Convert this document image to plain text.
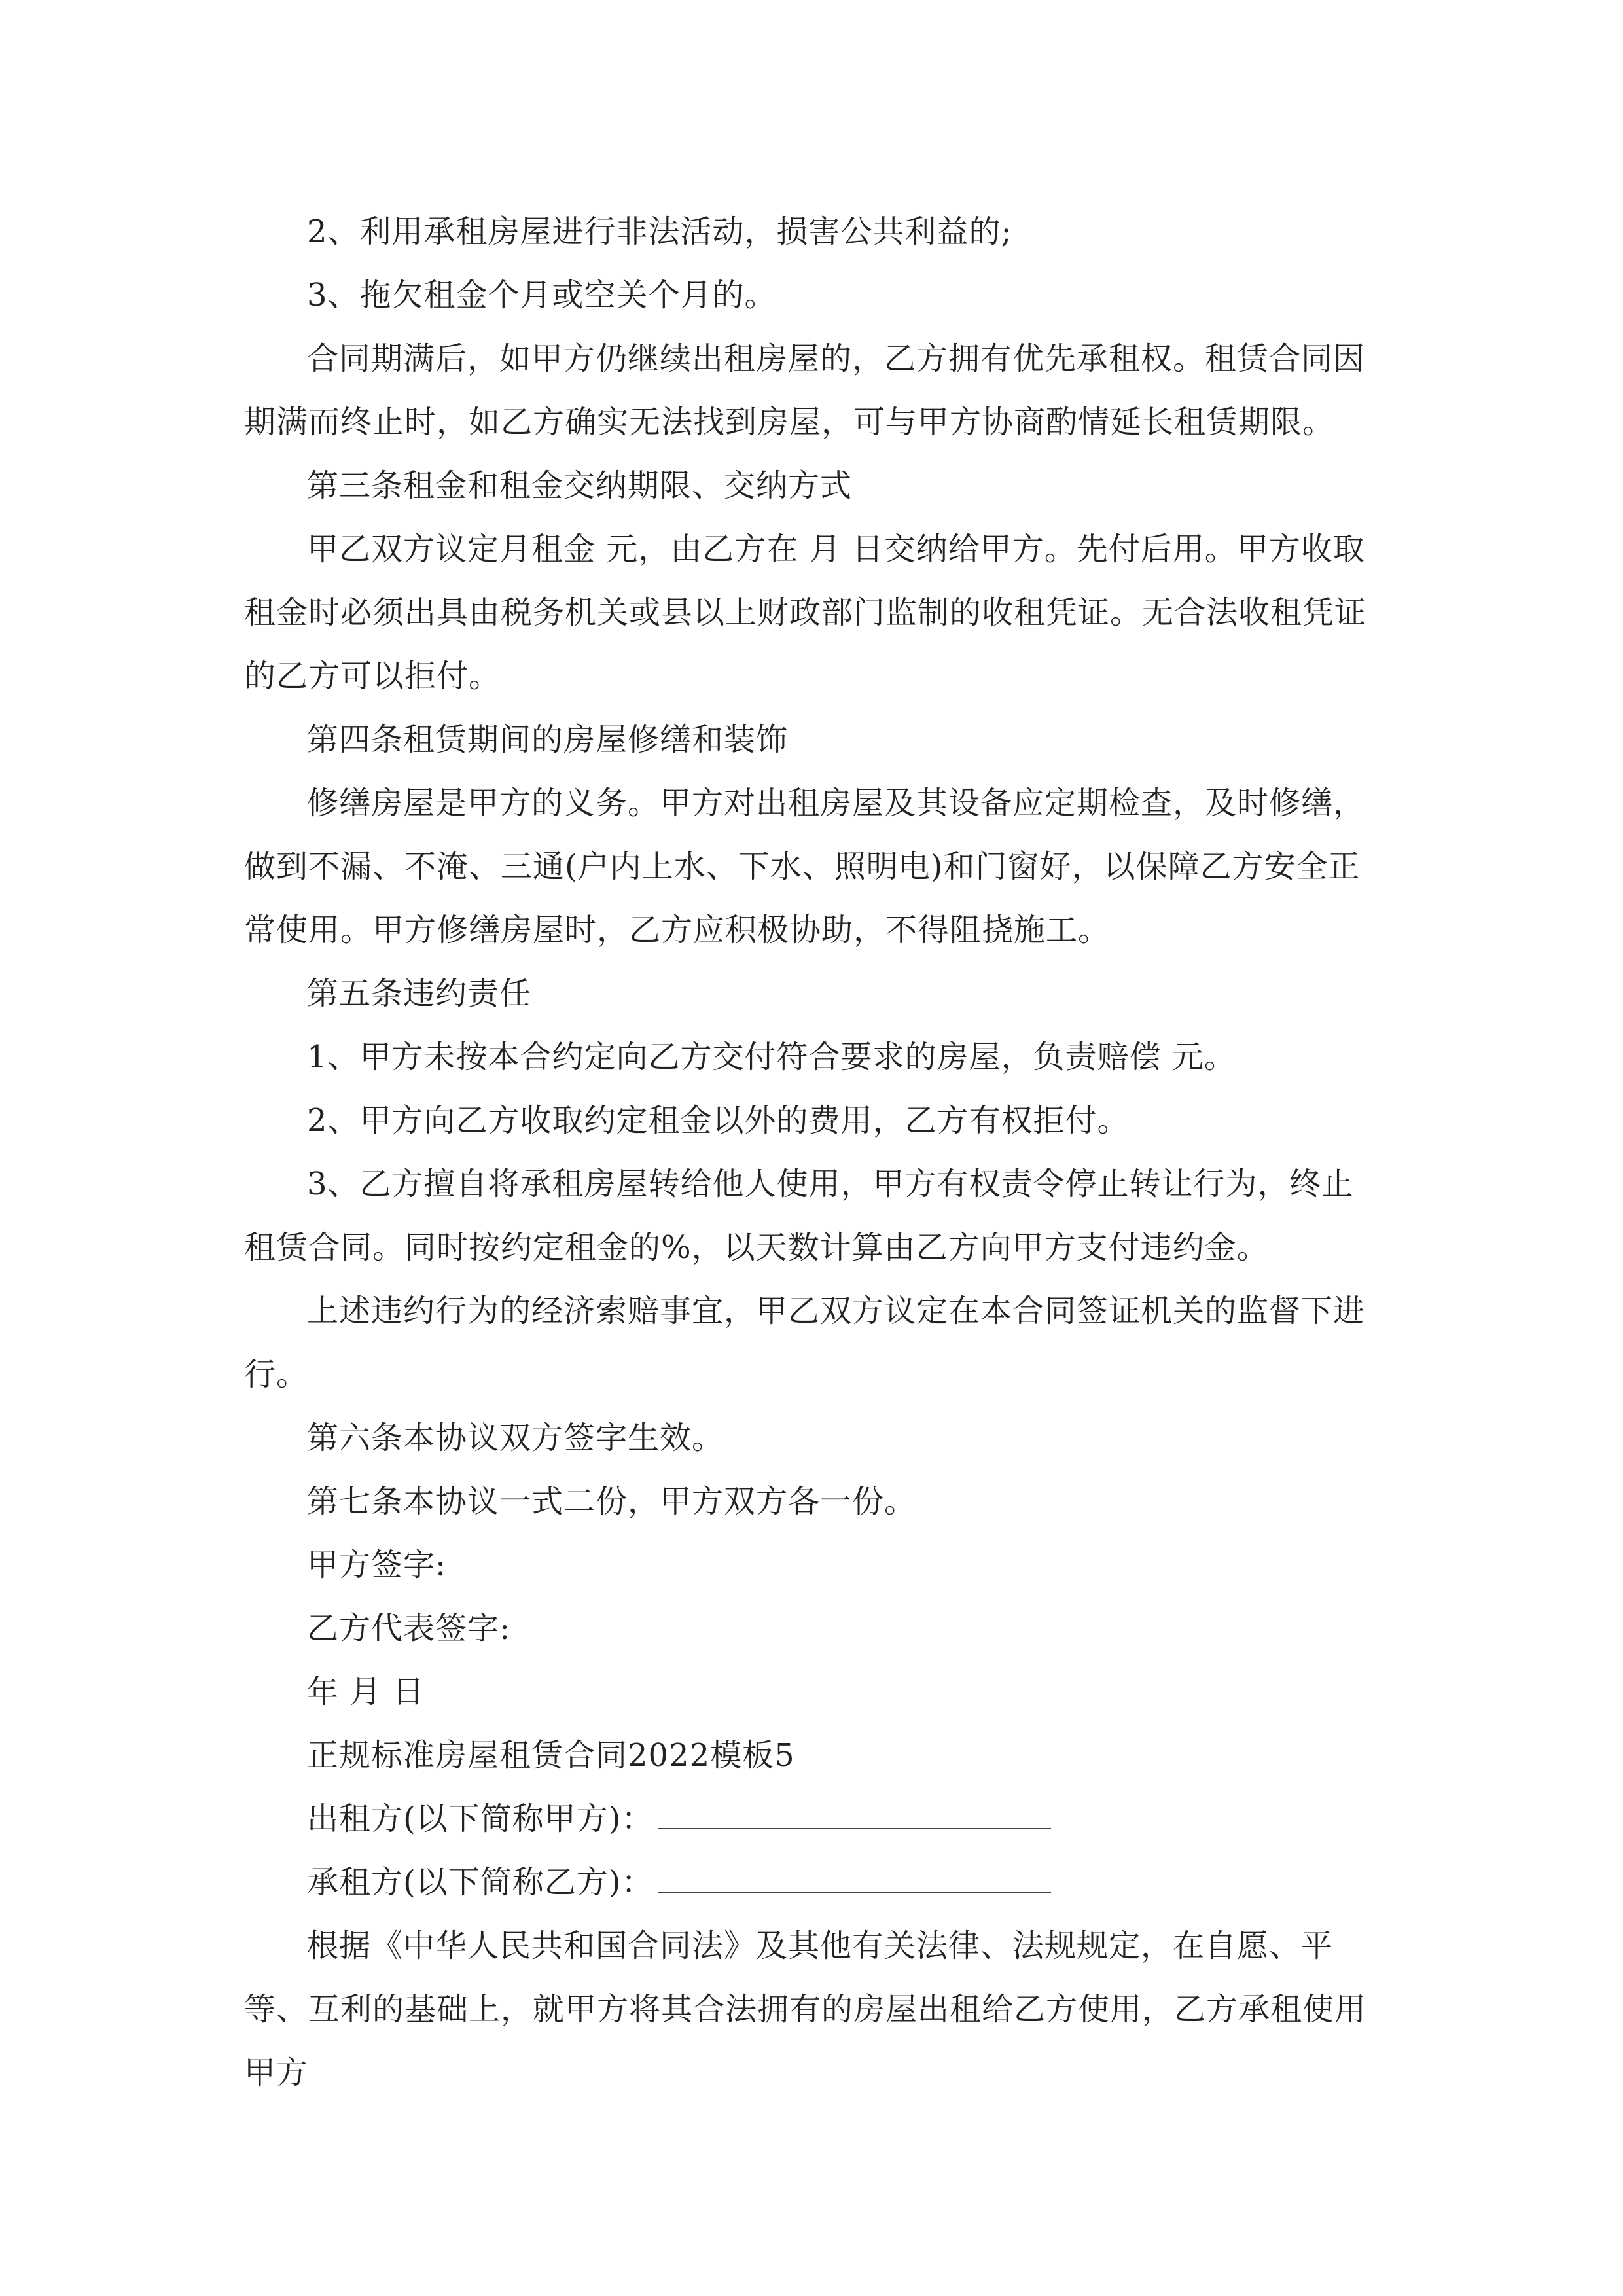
2、利用承租房屋进行非法活动，损害公共利益的;

3、拖欠租金个月或空关个月的。

合同期满后，如甲方仍继续出租房屋的，乙方拥有优先承租权。租赁合同因期满而终止时，如乙方确实无法找到房屋，可与甲方协商酌情延长租赁期限。

第三条租金和租金交纳期限、交纳方式

甲乙双方议定月租金 元，由乙方在 月 日交纳给甲方。先付后用。甲方收取租金时必须出具由税务机关或县以上财政部门监制的收租凭证。无合法收租凭证的乙方可以拒付。

第四条租赁期间的房屋修缮和装饰

修缮房屋是甲方的义务。甲方对出租房屋及其设备应定期检查，及时修缮，做到不漏、不淹、三通(户内上水、下水、照明电)和门窗好，以保障乙方安全正常使用。甲方修缮房屋时，乙方应积极协助，不得阻挠施工。

第五条违约责任

1、甲方未按本合约定向乙方交付符合要求的房屋，负责赔偿 元。

2、甲方向乙方收取约定租金以外的费用，乙方有权拒付。

3、乙方擅自将承租房屋转给他人使用，甲方有权责令停止转让行为，终止租赁合同。同时按约定租金的%，以天数计算由乙方向甲方支付违约金。

上述违约行为的经济索赔事宜，甲乙双方议定在本合同签证机关的监督下进行。

第六条本协议双方签字生效。

第七条本协议一式二份，甲方双方各一份。

甲方签字:

乙方代表签字:

年 月 日

正规标准房屋租赁合同2022模板5

出租方(以下简称甲方)：

承租方(以下简称乙方)：

根据《中华人民共和国合同法》及其他有关法律、法规规定，在自愿、平等、互利的基础上，就甲方将其合法拥有的房屋出租给乙方使用，乙方承租使用甲方
